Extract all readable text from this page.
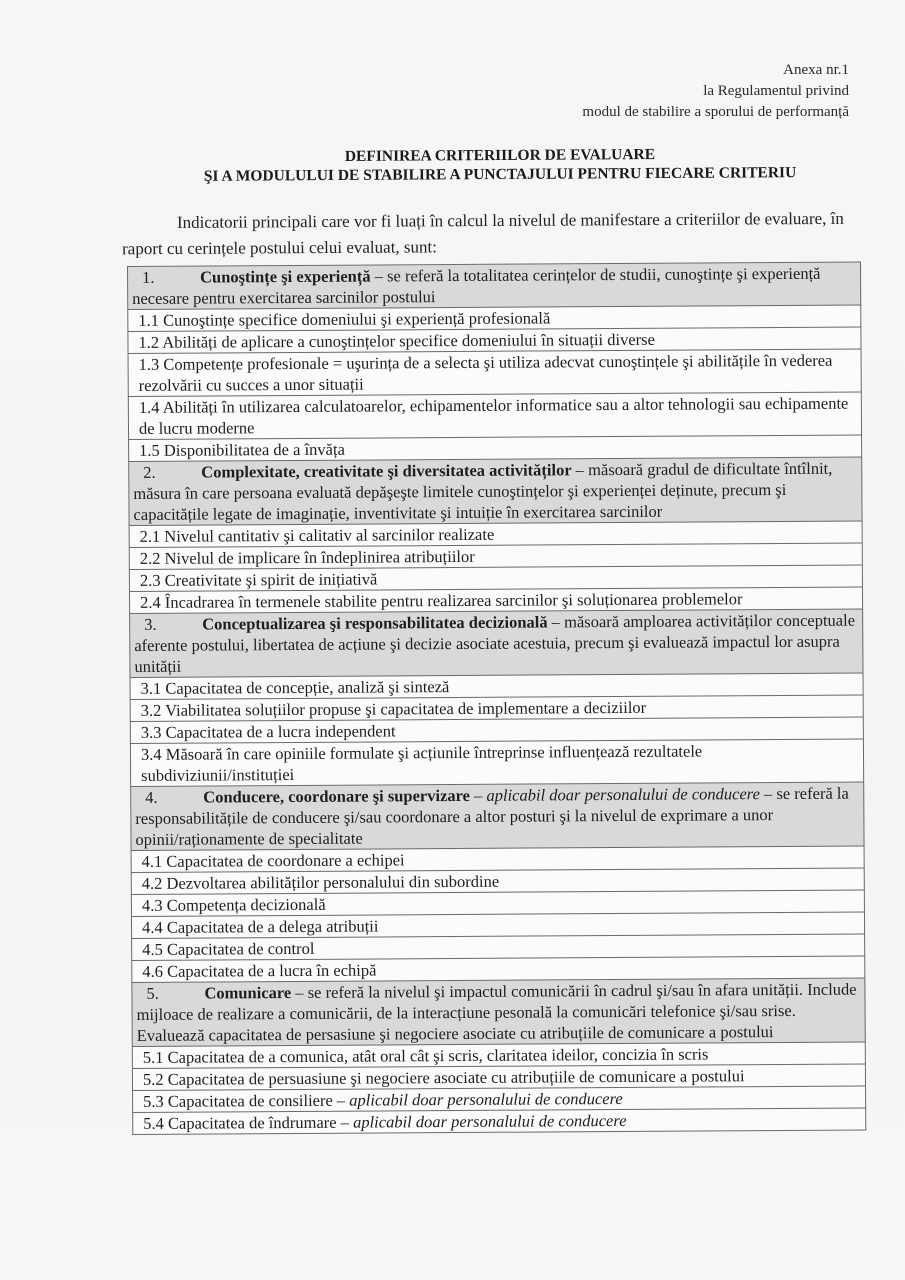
Anexa nr.1
la Regulamentul privind
modul de stabilire a sporului de performanță
DEFINIREA CRITERIILOR DE EVALUARE
ŞI A MODULULUI DE STABILIRE A PUNCTAJULUI PENTRU FIECARE CRITERIU
Indicatorii principali care vor fi luați în calcul la nivelul de manifestare a criteriilor de evaluare, în raport cu cerințele postului celui evaluat, sunt:
1.	Cunoştințe şi experiență – se referă la totalitatea cerințelor de studii, cunoştințe şi experiență necesare pentru exercitarea sarcinilor postului
1.1 Cunoştințe specifice domeniului şi experiență profesională
1.2 Abilități de aplicare a cunoştințelor specifice domeniului în situații diverse
1.3 Competențe profesionale = uşurința de a selecta şi utiliza adecvat cunoştințele şi abilitățile în vederea rezolvării cu succes a unor situații
1.4 Abilități în utilizarea calculatoarelor, echipamentelor informatice sau a altor tehnologii sau echipamente de lucru moderne
1.5 Disponibilitatea de a învăța
2.	Complexitate, creativitate şi diversitatea activităților – măsoară gradul de dificultate întîlnit, măsura în care persoana evaluată depăşeşte limitele cunoştințelor şi experienței deținute, precum şi capacitățile legate de imaginație, inventivitate şi intuiție în exercitarea sarcinilor
2.1 Nivelul cantitativ şi calitativ al sarcinilor realizate
2.2 Nivelul de implicare în îndeplinirea atribuțiilor
2.3 Creativitate şi spirit de inițiativă
2.4 Încadrarea în termenele stabilite pentru realizarea sarcinilor şi soluționarea problemelor
3.	Conceptualizarea şi responsabilitatea decizională – măsoară amploarea activităților conceptuale aferente postului, libertatea de acțiune şi decizie asociate acestuia, precum şi evaluează impactul lor asupra unității
3.1 Capacitatea de concepție, analiză şi sinteză
3.2 Viabilitatea soluțiilor propuse şi capacitatea de implementare a deciziilor
3.3 Capacitatea de a lucra independent
3.4 Măsoară în care opiniile formulate şi acțiunile întreprinse influențează rezultatele subdiviziunii/instituției
4.	Conducere, coordonare şi supervizare – aplicabil doar personalului de conducere – se referă la responsabilitățile de conducere şi/sau coordonare a altor posturi şi la nivelul de exprimare a unor opinii/raționamente de specialitate
4.1 Capacitatea de coordonare a echipei
4.2 Dezvoltarea abilităților personalului din subordine
4.3 Competența decizională
4.4 Capacitatea de a delega atribuții
4.5 Capacitatea de control
4.6 Capacitatea de a lucra în echipă
5.	Comunicare – se referă la nivelul şi impactul comunicării în cadrul şi/sau în afara unității. Include mijloace de realizare a comunicării, de la interacțiune pesonală la comunicări telefonice şi/sau srise. Evaluează capacitatea de persasiune şi negociere asociate cu atribuțiile de comunicare a postului
5.1 Capacitatea de a comunica, atât oral cât şi scris, claritatea ideilor, concizia în scris
5.2 Capacitatea de persuasiune şi negociere asociate cu atribuțiile de comunicare a postului
5.3 Capacitatea de consiliere – aplicabil doar personalului de conducere
5.4 Capacitatea de îndrumare – aplicabil doar personalului de conducere
